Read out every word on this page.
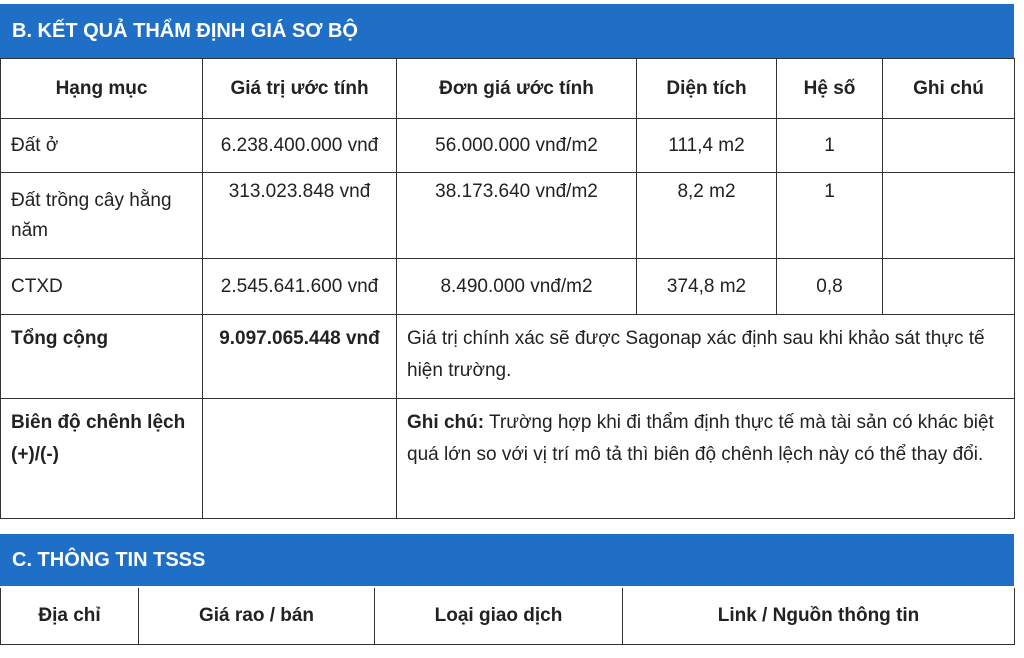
B. KẾT QUẢ THẨM ĐỊNH GIÁ SƠ BỘ
Hạng mục	Giá trị ước tính	Đơn giá ước tính	Diện tích	Hệ số	Ghi chú
Đất ở	6.238.400.000 vnđ	56.000.000 vnđ/m2	111,4 m2	1	
Đất trồng cây hằng năm	313.023.848 vnđ	38.173.640 vnđ/m2	8,2 m2	1	
CTXD	2.545.641.600 vnđ	8.490.000 vnđ/m2	374,8 m2	0,8	
Tổng cộng	9.097.065.448 vnđ	Giá trị chính xác sẽ được Sagonap xác định sau khi khảo sát thực tế hiện trường.			
Biên độ chênh lệch (+)/(-)		Ghi chú: Trường hợp khi đi thẩm định thực tế mà tài sản có khác biệt quá lớn so với vị trí mô tả thì biên độ chênh lệch này có thể thay đổi.			
C. THÔNG TIN TSSS
Địa chỉ	Giá rao / bán	Loại giao dịch	Link / Nguồn thông tin
